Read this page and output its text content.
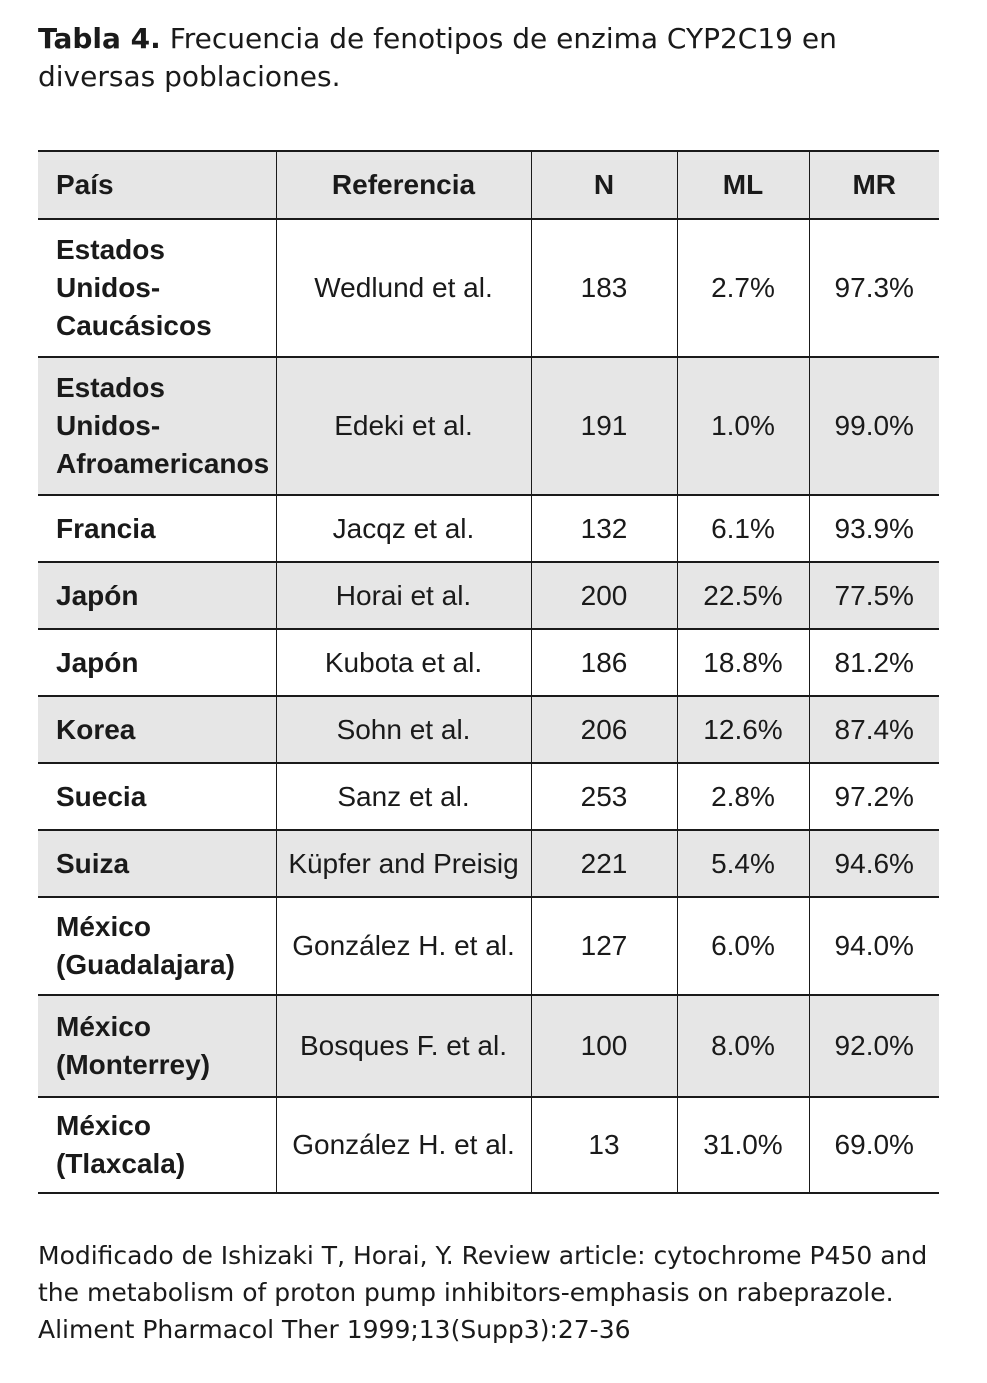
Tabla 4. Frecuencia de fenotipos de enzima CYP2C19 en diversas poblaciones.
País	Referencia	N	ML	MR
Estados Unidos-Caucásicos	Wedlund et al.	183	2.7%	97.3%
Estados Unidos-Afroamericanos	Edeki et al.	191	1.0%	99.0%
Francia	Jacqz et al.	132	6.1%	93.9%
Japón	Horai et al.	200	22.5%	77.5%
Japón	Kubota et al.	186	18.8%	81.2%
Korea	Sohn et al.	206	12.6%	87.4%
Suecia	Sanz et al.	253	2.8%	97.2%
Suiza	Küpfer and Preisig	221	5.4%	94.6%
México (Guadalajara)	González H. et al.	127	6.0%	94.0%
México (Monterrey)	Bosques F. et al.	100	8.0%	92.0%
México (Tlaxcala)	González H. et al.	13	31.0%	69.0%
Modificado de Ishizaki T, Horai, Y. Review article: cytochrome P450 and the metabolism of proton pump inhibitors-emphasis on rabeprazole. Aliment Pharmacol Ther 1999;13(Supp3):27-36
